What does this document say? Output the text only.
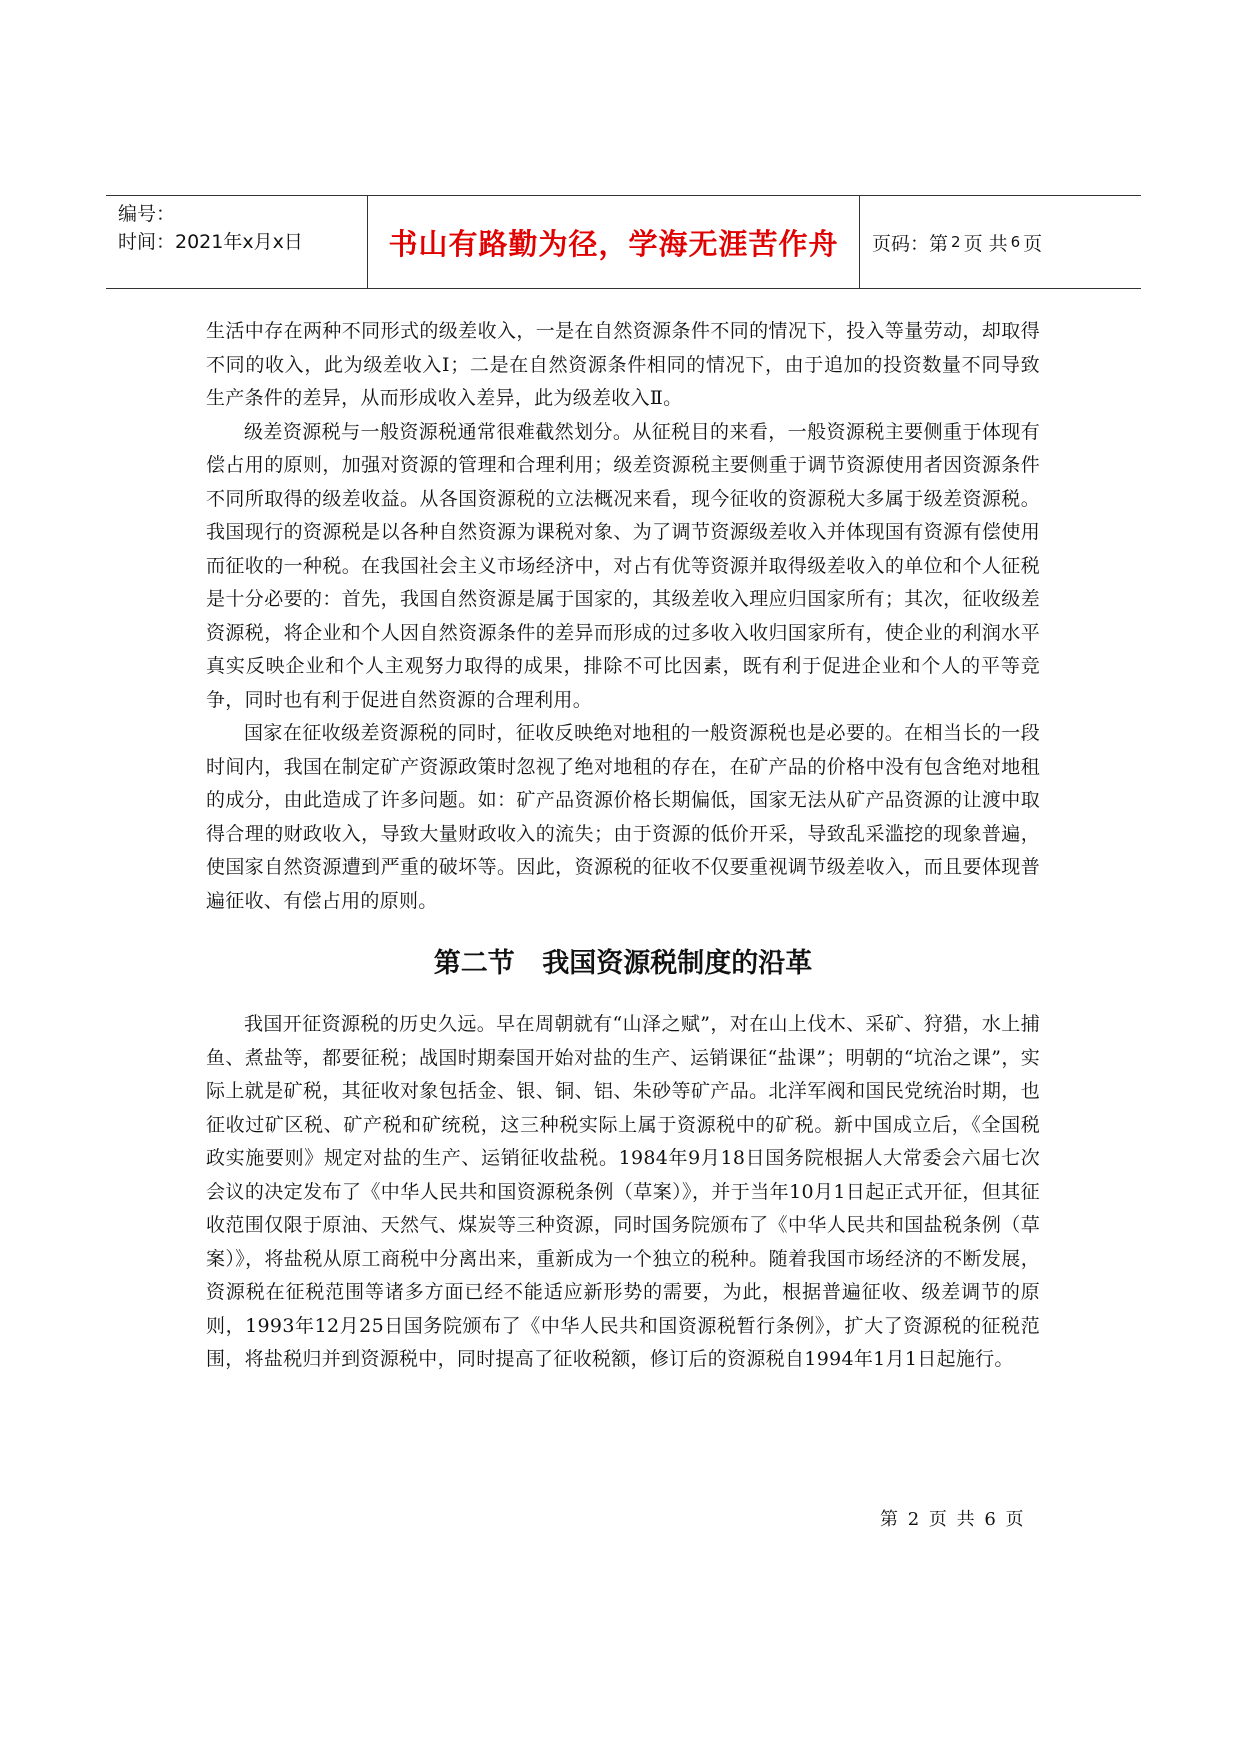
编号：
时间：2021年x月x日	书山有路勤为径，学海无涯苦作舟 页码：第 2 页 共 6 页

生活中存在两种不同形式的级差收入，一是在自然资源条件不同的情况下，投入等量劳动，却取得不同的收入，此为级差收入Ⅰ；二是在自然资源条件相同的情况下，由于追加的投资数量不同导致生产条件的差异，从而形成收入差异，此为级差收入Ⅱ。

级差资源税与一般资源税通常很难截然划分。从征税目的来看，一般资源税主要侧重于体现有偿占用的原则，加强对资源的管理和合理利用；级差资源税主要侧重于调节资源使用者因资源条件不同所取得的级差收益。从各国资源税的立法概况来看，现今征收的资源税大多属于级差资源税。我国现行的资源税是以各种自然资源为课税对象、为了调节资源级差收入并体现国有资源有偿使用而征收的一种税。在我国社会主义市场经济中，对占有优等资源并取得级差收入的单位和个人征税是十分必要的：首先，我国自然资源是属于国家的，其级差收入理应归国家所有；其次，征收级差资源税，将企业和个人因自然资源条件的差异而形成的过多收入收归国家所有，使企业的利润水平真实反映企业和个人主观努力取得的成果，排除不可比因素，既有利于促进企业和个人的平等竞争，同时也有利于促进自然资源的合理利用。

国家在征收级差资源税的同时，征收反映绝对地租的一般资源税也是必要的。在相当长的一段时间内，我国在制定矿产资源政策时忽视了绝对地租的存在，在矿产品的价格中没有包含绝对地租的成分，由此造成了许多问题。如：矿产品资源价格长期偏低，国家无法从矿产品资源的让渡中取得合理的财政收入，导致大量财政收入的流失；由于资源的低价开采，导致乱采滥挖的现象普遍，使国家自然资源遭到严重的破坏等。因此，资源税的征收不仅要重视调节级差收入，而且要体现普遍征收、有偿占用的原则。

第二节 我国资源税制度的沿革

我国开征资源税的历史久远。早在周朝就有“山泽之赋”，对在山上伐木、采矿、狩猎，水上捕鱼、煮盐等，都要征税；战国时期秦国开始对盐的生产、运销课征“盐课”；明朝的“坑治之课”，实际上就是矿税，其征收对象包括金、银、铜、铝、朱砂等矿产品。北洋军阀和国民党统治时期，也征收过矿区税、矿产税和矿统税，这三种税实际上属于资源税中的矿税。新中国成立后，《全国税政实施要则》规定对盐的生产、运销征收盐税。1984年9月18日国务院根据人大常委会六届七次会议的决定发布了《中华人民共和国资源税条例（草案）》，并于当年10月1日起正式开征，但其征收范围仅限于原油、天然气、煤炭等三种资源，同时国务院颁布了《中华人民共和国盐税条例（草案）》，将盐税从原工商税中分离出来，重新成为一个独立的税种。随着我国市场经济的不断发展，资源税在征税范围等诸多方面已经不能适应新形势的需要，为此，根据普遍征收、级差调节的原则，1993年12月25日国务院颁布了《中华人民共和国资源税暂行条例》，扩大了资源税的征税范围，将盐税归并到资源税中，同时提高了征收税额，修订后的资源税自1994年1月1日起施行。

第 2 页 共 6 页
